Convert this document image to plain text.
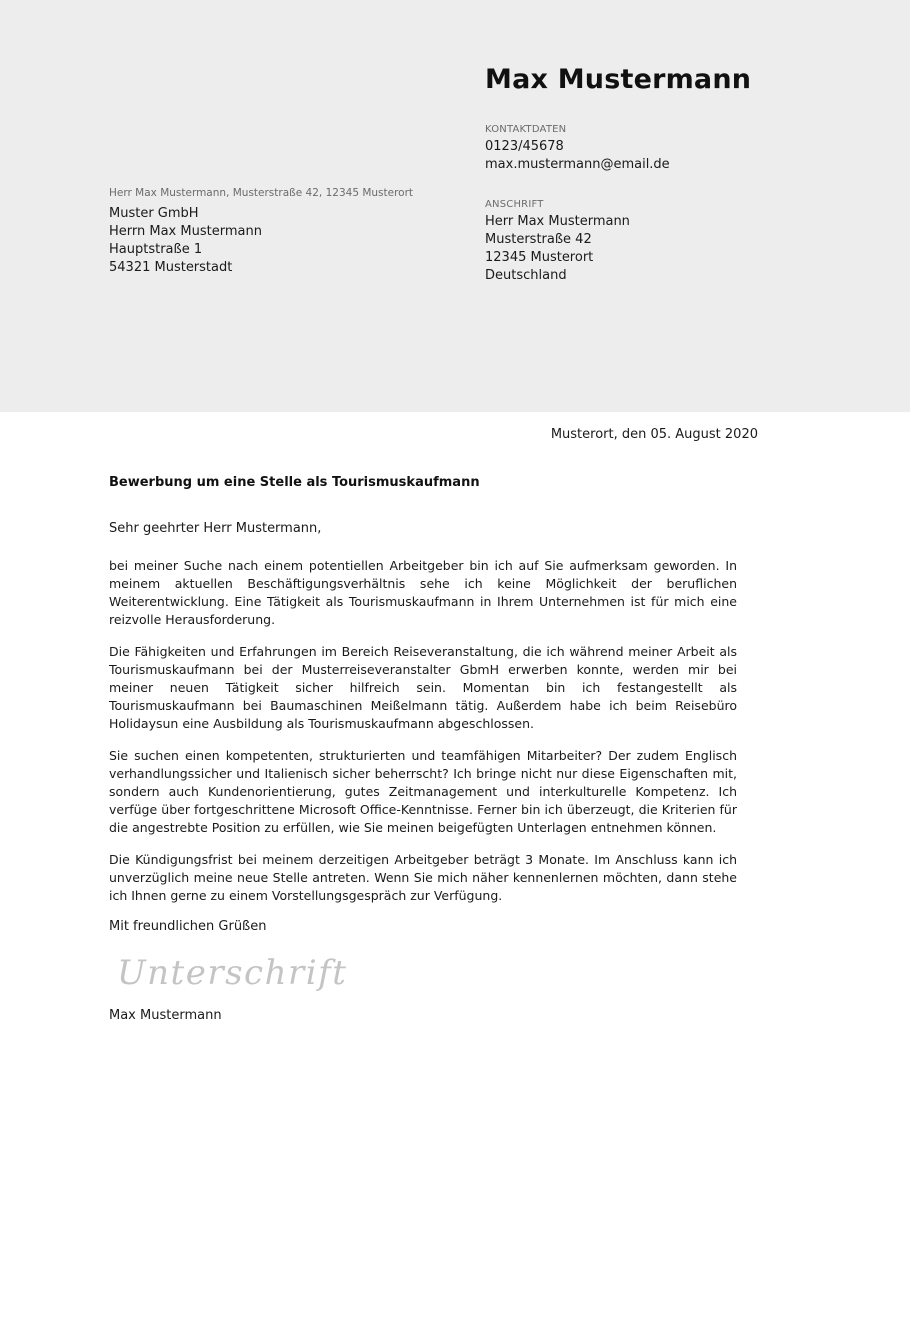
Max Mustermann
KONTAKTDATEN
0123/45678
max.mustermann@email.de
ANSCHRIFT
Herr Max Mustermann
Musterstraße 42
12345 Musterort
Deutschland
Herr Max Mustermann, Musterstraße 42, 12345 Musterort
Muster GmbH
Herrn Max Mustermann
Hauptstraße 1
54321 Musterstadt
Musterort, den 05. August 2020
Bewerbung um eine Stelle als Tourismuskaufmann
Sehr geehrter Herr Mustermann,

bei meiner Suche nach einem potentiellen Arbeitgeber bin ich auf Sie aufmerksam geworden. In meinem aktuellen Beschäftigungsverhältnis sehe ich keine Möglichkeit der beruflichen Weiterentwicklung. Eine Tätigkeit als Tourismuskaufmann in Ihrem Unternehmen ist für mich eine reizvolle Herausforderung.

Die Fähigkeiten und Erfahrungen im Bereich Reiseveranstaltung, die ich während meiner Arbeit als Tourismuskaufmann bei der Musterreiseveranstalter GbmH erwerben konnte, werden mir bei meiner neuen Tätigkeit sicher hilfreich sein. Momentan bin ich festangestellt als Tourismuskaufmann bei Baumaschinen Meißelmann tätig. Außerdem habe ich beim Reisebüro Holidaysun eine Ausbildung als Tourismuskaufmann abgeschlossen.

Sie suchen einen kompetenten, strukturierten und teamfähigen Mitarbeiter? Der zudem Englisch verhandlungssicher und Italienisch sicher beherrscht? Ich bringe nicht nur diese Eigenschaften mit, sondern auch Kundenorientierung, gutes Zeitmanagement und interkulturelle Kompetenz. Ich verfüge über fortgeschrittene Microsoft Office-Kenntnisse. Ferner bin ich überzeugt, die Kriterien für die angestrebte Position zu erfüllen, wie Sie meinen beigefügten Unterlagen entnehmen können.

Die Kündigungsfrist bei meinem derzeitigen Arbeitgeber beträgt 3 Monate. Im Anschluss kann ich unverzüglich meine neue Stelle antreten. Wenn Sie mich näher kennenlernen möchten, dann stehe ich Ihnen gerne zu einem Vorstellungsgespräch zur Verfügung.

Mit freundlichen Grüßen
Unterschrift
Max Mustermann
